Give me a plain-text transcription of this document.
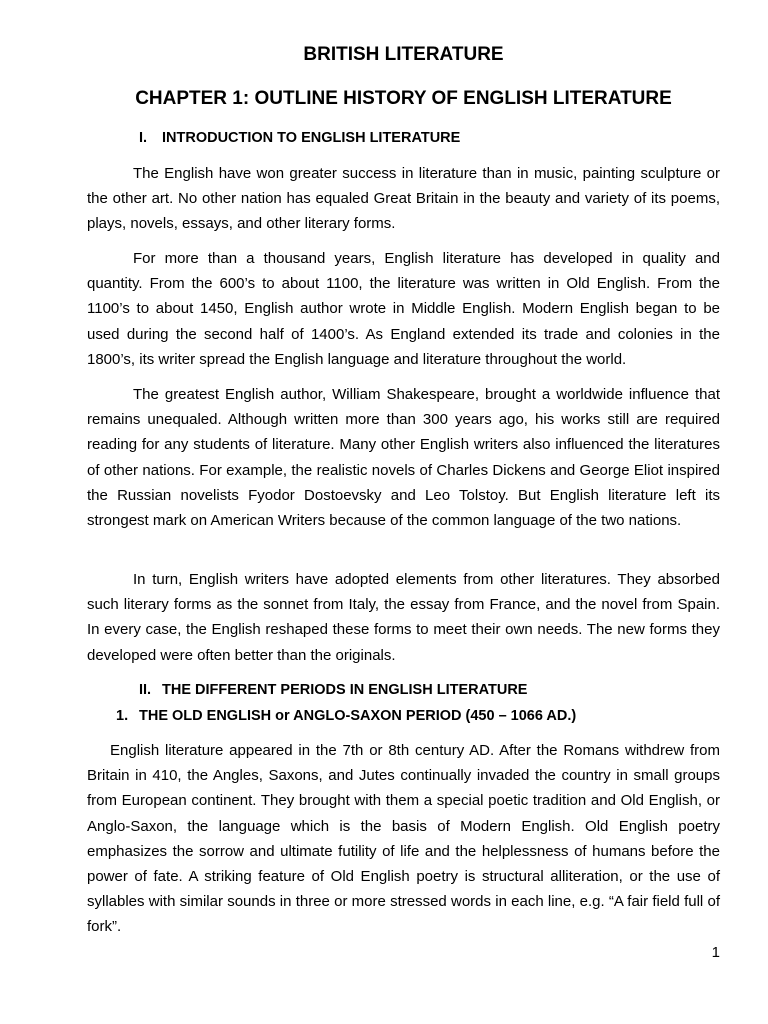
BRITISH LITERATURE
CHAPTER 1: OUTLINE HISTORY OF ENGLISH LITERATURE
I. INTRODUCTION TO ENGLISH LITERATURE

The English have won greater success in literature than in music, painting sculpture or the other art. No other nation has equaled Great Britain in the beauty and variety of its poems, plays, novels, essays, and other literary forms.

For more than a thousand years, English literature has developed in quality and quantity. From the 600’s to about 1100, the literature was written in Old English. From the 1100’s to about 1450, English author wrote in Middle English. Modern English began to be used during the second half of 1400’s. As England extended its trade and colonies in the 1800’s, its writer spread the English language and literature throughout the world.

The greatest English author, William Shakespeare, brought a worldwide influence that remains unequaled. Although written more than 300 years ago, his works still are required reading for any students of literature. Many other English writers also influenced the literatures of other nations. For example, the realistic novels of Charles Dickens and George Eliot inspired the Russian novelists Fyodor Dostoevsky and Leo Tolstoy. But English literature left its strongest mark on American Writers because of the common language of the two nations.

In turn, English writers have adopted elements from other literatures. They absorbed such literary forms as the sonnet from Italy, the essay from France, and the novel from Spain. In every case, the English reshaped these forms to meet their own needs. The new forms they developed were often better than the originals.

II. THE DIFFERENT PERIODS IN ENGLISH LITERATURE
1. THE OLD ENGLISH or ANGLO-SAXON PERIOD (450 – 1066 AD.)

English literature appeared in the 7th or 8th century AD. After the Romans withdrew from Britain in 410, the Angles, Saxons, and Jutes continually invaded the country in small groups from European continent. They brought with them a special poetic tradition and Old English, or Anglo-Saxon, the language which is the basis of Modern English. Old English poetry emphasizes the sorrow and ultimate futility of life and the helplessness of humans before the power of fate. A striking feature of Old English poetry is structural alliteration, or the use of syllables with similar sounds in three or more stressed words in each line, e.g. “A fair field full of fork”.

1
